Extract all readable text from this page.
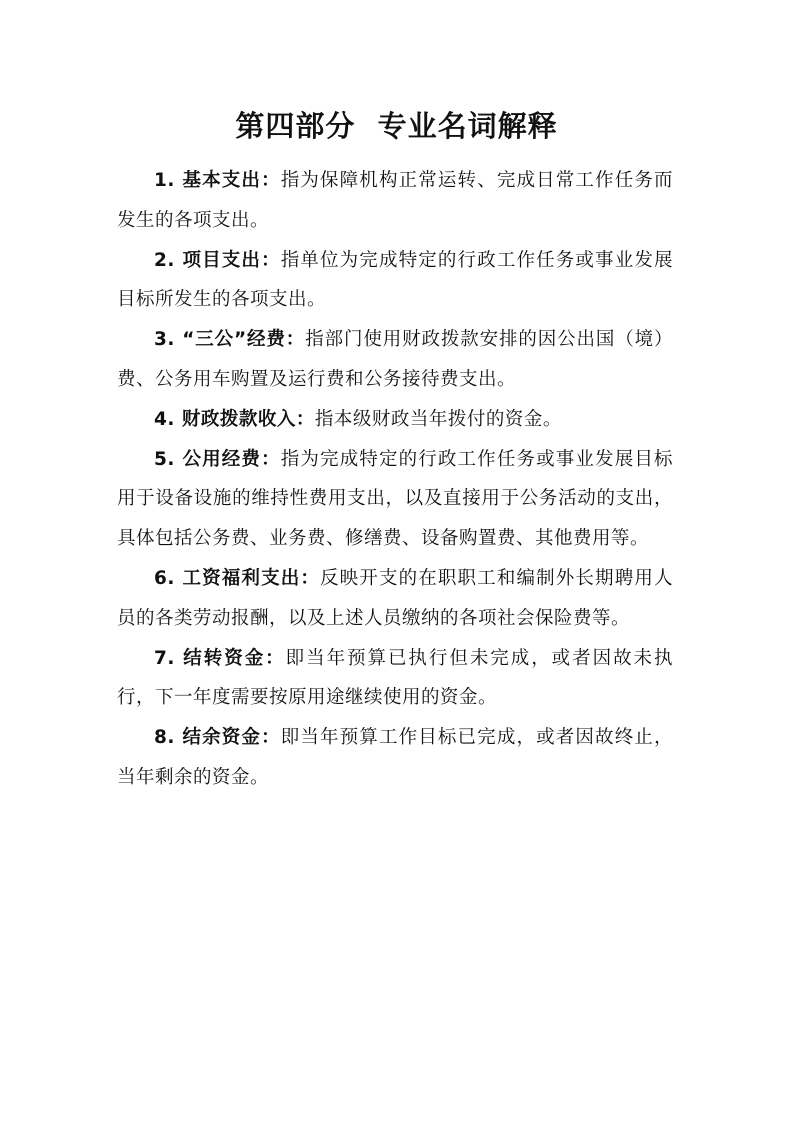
第四部分  专业名词解释

1. 基本支出：指为保障机构正常运转、完成日常工作任务而发生的各项支出。

2. 项目支出：指单位为完成特定的行政工作任务或事业发展目标所发生的各项支出。

3. “三公”经费：指部门使用财政拨款安排的因公出国（境）费、公务用车购置及运行费和公务接待费支出。

4. 财政拨款收入：指本级财政当年拨付的资金。

5. 公用经费：指为完成特定的行政工作任务或事业发展目标用于设备设施的维持性费用支出，以及直接用于公务活动的支出，具体包括公务费、业务费、修缮费、设备购置费、其他费用等。

6. 工资福利支出：反映开支的在职职工和编制外长期聘用人员的各类劳动报酬，以及上述人员缴纳的各项社会保险费等。

7. 结转资金：即当年预算已执行但未完成，或者因故未执行，下一年度需要按原用途继续使用的资金。

8. 结余资金：即当年预算工作目标已完成，或者因故终止，当年剩余的资金。
